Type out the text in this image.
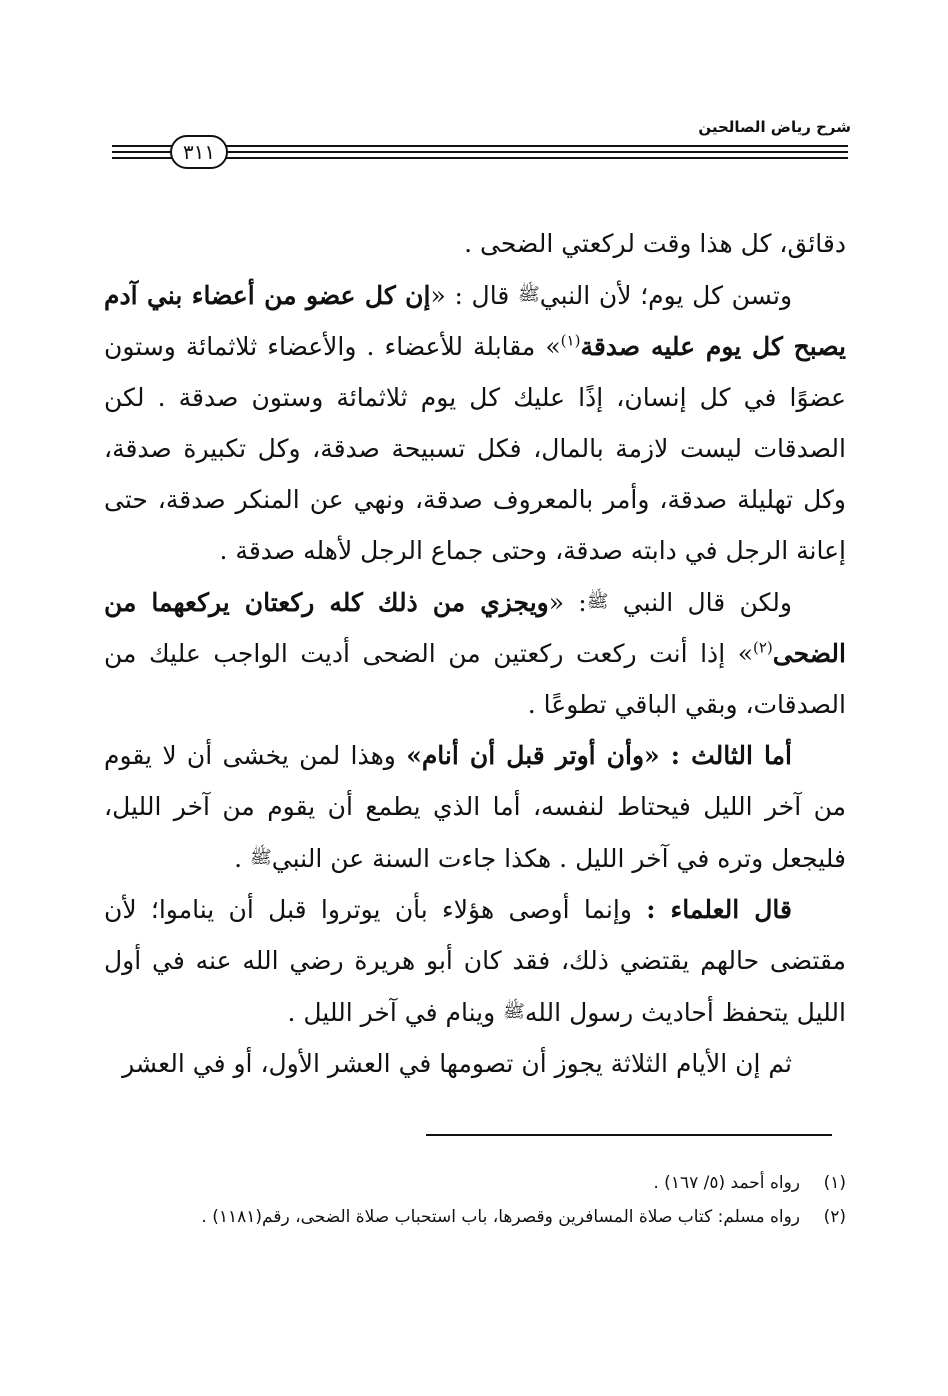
شرح رياض الصالحين
٣١١

دقائق، كل هذا وقت لركعتي الضحى .

وتسن كل يوم؛ لأن النبيﷺ قال : «إن كل عضو من أعضاء بني آدم يصبح كل يوم عليه صدقة$^{(١)}$» مقابلة للأعضاء . والأعضاء ثلاثمائة وستون عضوًا في كل إنسان، إذًا عليك كل يوم ثلاثمائة وستون صدقة . لكن الصدقات ليست لازمة بالمال، فكل تسبيحة صدقة، وكل تكبيرة صدقة، وكل تهليلة صدقة، وأمر بالمعروف صدقة، ونهي عن المنكر صدقة، حتى إعانة الرجل في دابته صدقة، وحتى جماع الرجل لأهله صدقة .

ولكن قال النبي ﷺ: «ويجزي من ذلك كله ركعتان يركعهما من الضحى$^{(٢)}$» إذا أنت ركعت ركعتين من الضحى أديت الواجب عليك من الصدقات، وبقي الباقي تطوعًا .

أما الثالث : «وأن أوتر قبل أن أنام» وهذا لمن يخشى أن لا يقوم من آخر الليل فيحتاط لنفسه، أما الذي يطمع أن يقوم من آخر الليل، فليجعل وتره في آخر الليل . هكذا جاءت السنة عن النبيﷺ .

قال العلماء : وإنما أوصى هؤلاء بأن يوتروا قبل أن يناموا؛ لأن مقتضى حالهم يقتضي ذلك، فقد كان أبو هريرة رضي الله عنه في أول الليل يتحفظ أحاديث رسول اللهﷺ وينام في آخر الليل .

ثم إن الأيام الثلاثة يجوز أن تصومها في العشر الأول، أو في العشر

(١)
رواه أحمد (٥/ ١٦٧) .

(٢)
رواه مسلم: كتاب صلاة المسافرين وقصرها، باب استحباب صلاة الضحى، رقم(١١٨١) .
